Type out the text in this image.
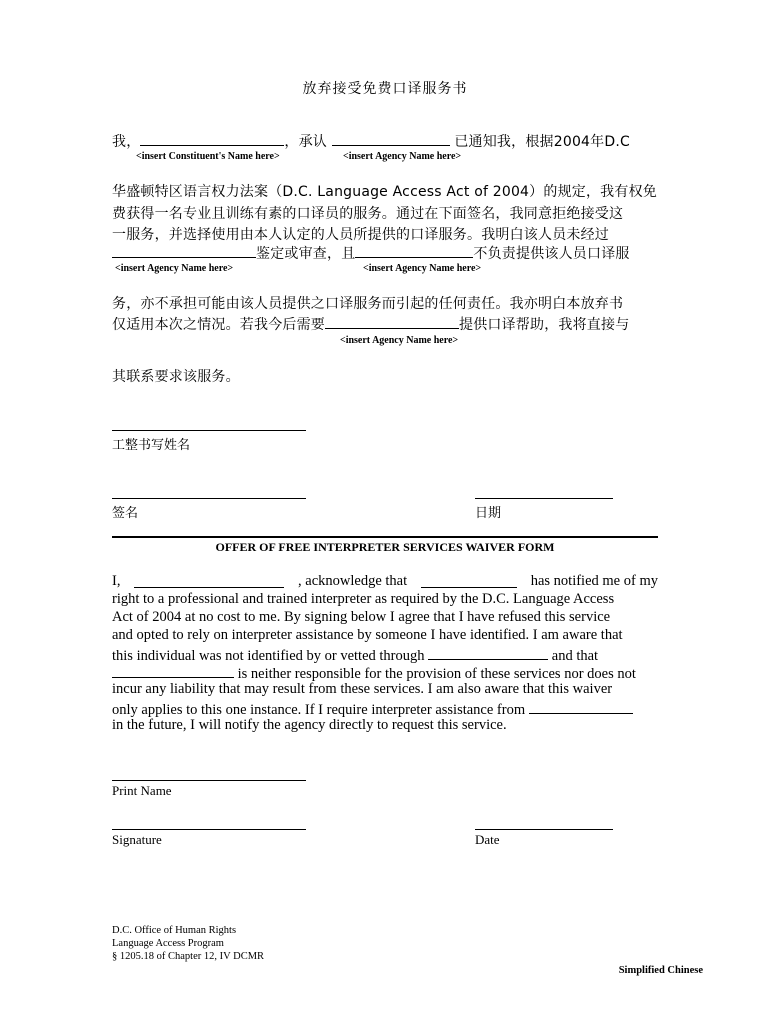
放弃接受免费口译服务书
我，	，承认	已通知我，根据2004年D.C
<insert Constituent's Name here>	<insert Agency Name here>
华盛顿特区语言权力法案（D.C. Language Access Act of 2004）的规定，我有权免
费获得一名专业且训练有素的口译员的服务。通过在下面签名，我同意拒绝接受这
一服务，并选择使用由本人认定的人员所提供的口译服务。我明白该人员未经过
鉴定或审查，且	不负责提供该人员口译服
<insert Agency Name here>	<insert Agency Name here>
务，亦不承担可能由该人员提供之口译服务而引起的任何责任。我亦明白本放弃书
仅适用本次之情况。若我今后需要	提供口译帮助，我将直接与
<insert Agency Name here>
其联系要求该服务。
工整书写姓名
签名	日期
OFFER OF FREE INTERPRETER SERVICES WAIVER FORM
I,	, acknowledge that	has notified me of my
right to a professional and trained interpreter as required by the D.C. Language Access
Act of 2004 at no cost to me. By signing below I agree that I have refused this service
and opted to rely on interpreter assistance by someone I have identified. I am aware that
this individual was not identified by or vetted through	and that
is neither responsible for the provision of these services nor does not
incur any liability that may result from these services. I am also aware that this waiver
only applies to this one instance. If I require interpreter assistance from
in the future, I will notify the agency directly to request this service.
Print Name
Signature	Date
D.C. Office of Human Rights
Language Access Program
§ 1205.18 of Chapter 12, IV DCMR
Simplified Chinese
